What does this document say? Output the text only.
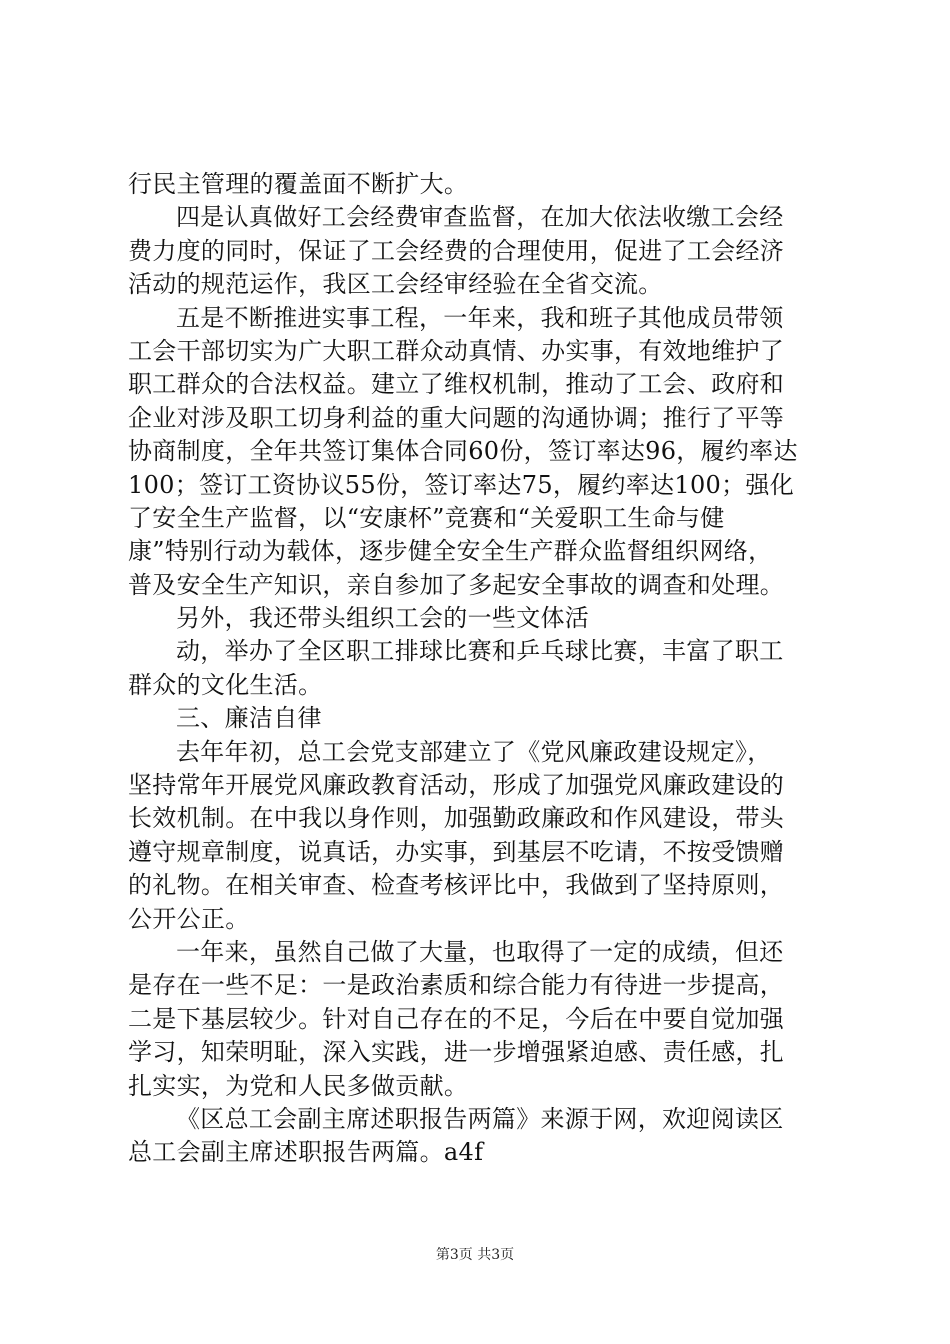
行民主管理的覆盖面不断扩大。
四是认真做好工会经费审查监督，在加大依法收缴工会经
费力度的同时，保证了工会经费的合理使用，促进了工会经济
活动的规范运作，我区工会经审经验在全省交流。
五是不断推进实事工程，一年来，我和班子其他成员带领
工会干部切实为广大职工群众动真情、办实事，有效地维护了
职工群众的合法权益。建立了维权机制，推动了工会、政府和
企业对涉及职工切身利益的重大问题的沟通协调；推行了平等
协商制度，全年共签订集体合同60份，签订率达96，履约率达
100；签订工资协议55份，签订率达75，履约率达100；强化
了安全生产监督，以“安康杯”竞赛和“关爱职工生命与健
康”特别行动为载体，逐步健全安全生产群众监督组织网络，
普及安全生产知识，亲自参加了多起安全事故的调查和处理。
另外，我还带头组织工会的一些文体活
动，举办了全区职工排球比赛和乒乓球比赛，丰富了职工
群众的文化生活。
三、廉洁自律
去年年初，总工会党支部建立了《党风廉政建设规定》，
坚持常年开展党风廉政教育活动，形成了加强党风廉政建设的
长效机制。在中我以身作则，加强勤政廉政和作风建设，带头
遵守规章制度，说真话，办实事，到基层不吃请，不按受馈赠
的礼物。在相关审查、检查考核评比中，我做到了坚持原则，
公开公正。
一年来，虽然自己做了大量，也取得了一定的成绩，但还
是存在一些不足：一是政治素质和综合能力有待进一步提高，
二是下基层较少。针对自己存在的不足，今后在中要自觉加强
学习，知荣明耻，深入实践，进一步增强紧迫感、责任感，扎
扎实实，为党和人民多做贡献。
《区总工会副主席述职报告两篇》来源于网，欢迎阅读区
总工会副主席述职报告两篇。a4f
第3页 共3页
